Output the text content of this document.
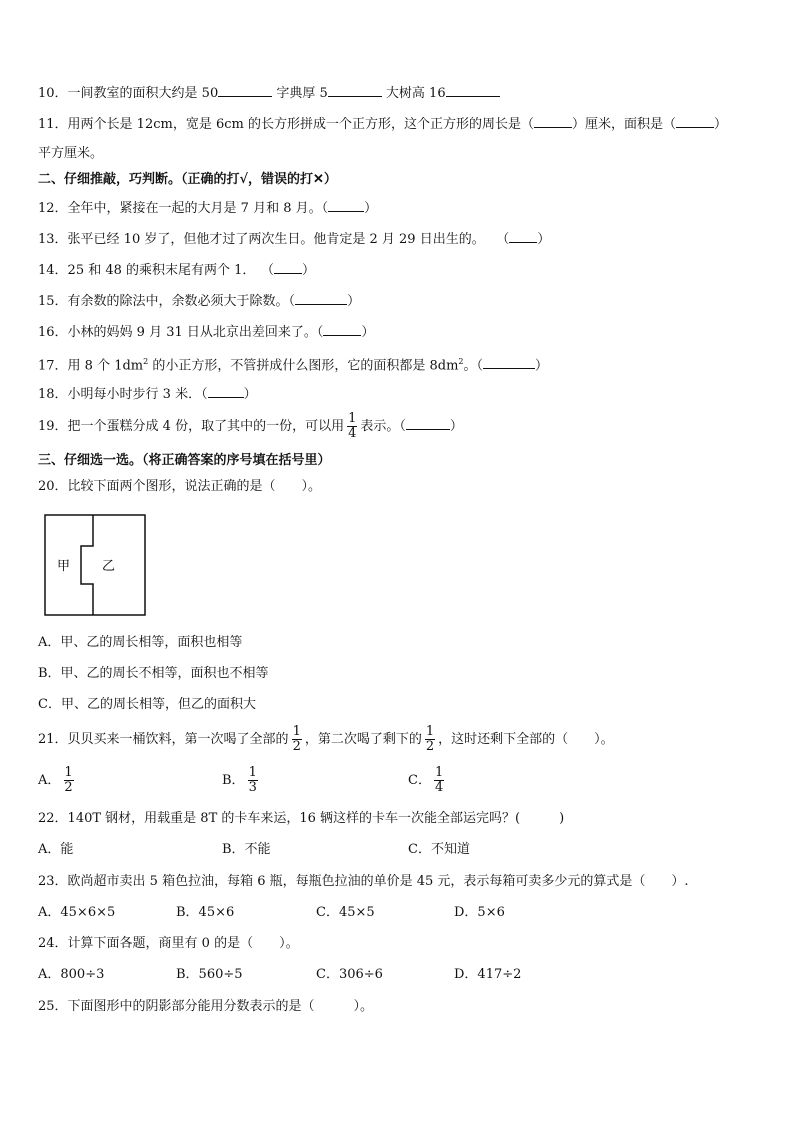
10．一间教室的面积大约是 50	字典厚 5	大树高 16
11．用两个长是 12cm，宽是 6cm 的长方形拼成一个正方形，这个正方形的周长是（	）厘米，面积是（	）
平方厘米。
二、仔细推敲，巧判断。（正确的打√，错误的打✕）
12．全年中，紧接在一起的大月是 7 月和 8 月。（	）
13．张平已经 10 岁了，但他才过了两次生日。他肯定是 2 月 29 日出生的。 （ ）
14．25 和 48 的乘积末尾有两个 1． （ ）
15．有余数的除法中，余数必须大于除数。（	）
16．小林的妈妈 9 月 31 日从北京出差回来了。（	）
17．用 8 个 $1dm^2$ 的小正方形，不管拼成什么图形，它的面积都是 $8dm^2$。（	）
18．小明每小时步行 3 米．（	）
19．把一个蛋糕分成 4 份，取了其中的一份，可以用 $\frac{1}{4}$ 表示。（	）
三、仔细选一选。（将正确答案的序号填在括号里）
20．比较下面两个图形，说法正确的是（　　）。
甲 乙
A．甲、乙的周长相等，面积也相等
B．甲、乙的周长不相等，面积也不相等
C．甲、乙的周长相等，但乙的面积大
21．贝贝买来一桶饮料，第一次喝了全部的 $\frac{1}{2}$ ，第二次喝了剩下的 $\frac{1}{2}$ ，这时还剩下全部的（　　）。
A． $\frac{1}{2}$	B． $\frac{1}{3}$	C． $\frac{1}{4}$
22．140T 钢材，用载重是 8T 的卡车来运，16 辆这样的卡车一次能全部运完吗？(　　　)
A．能	B．不能	C．不知道
23．欧尚超市卖出 5 箱色拉油，每箱 6 瓶，每瓶色拉油的单价是 45 元，表示每箱可卖多少元的算式是（　　）.
A．45×6×5	B．45×6	C．45×5	D．5×6
24．计算下面各题，商里有 0 的是（　　）。
A．800÷3	B．560÷5	C．306÷6	D．417÷2
25．下面图形中的阴影部分能用分数表示的是（　　　）。
